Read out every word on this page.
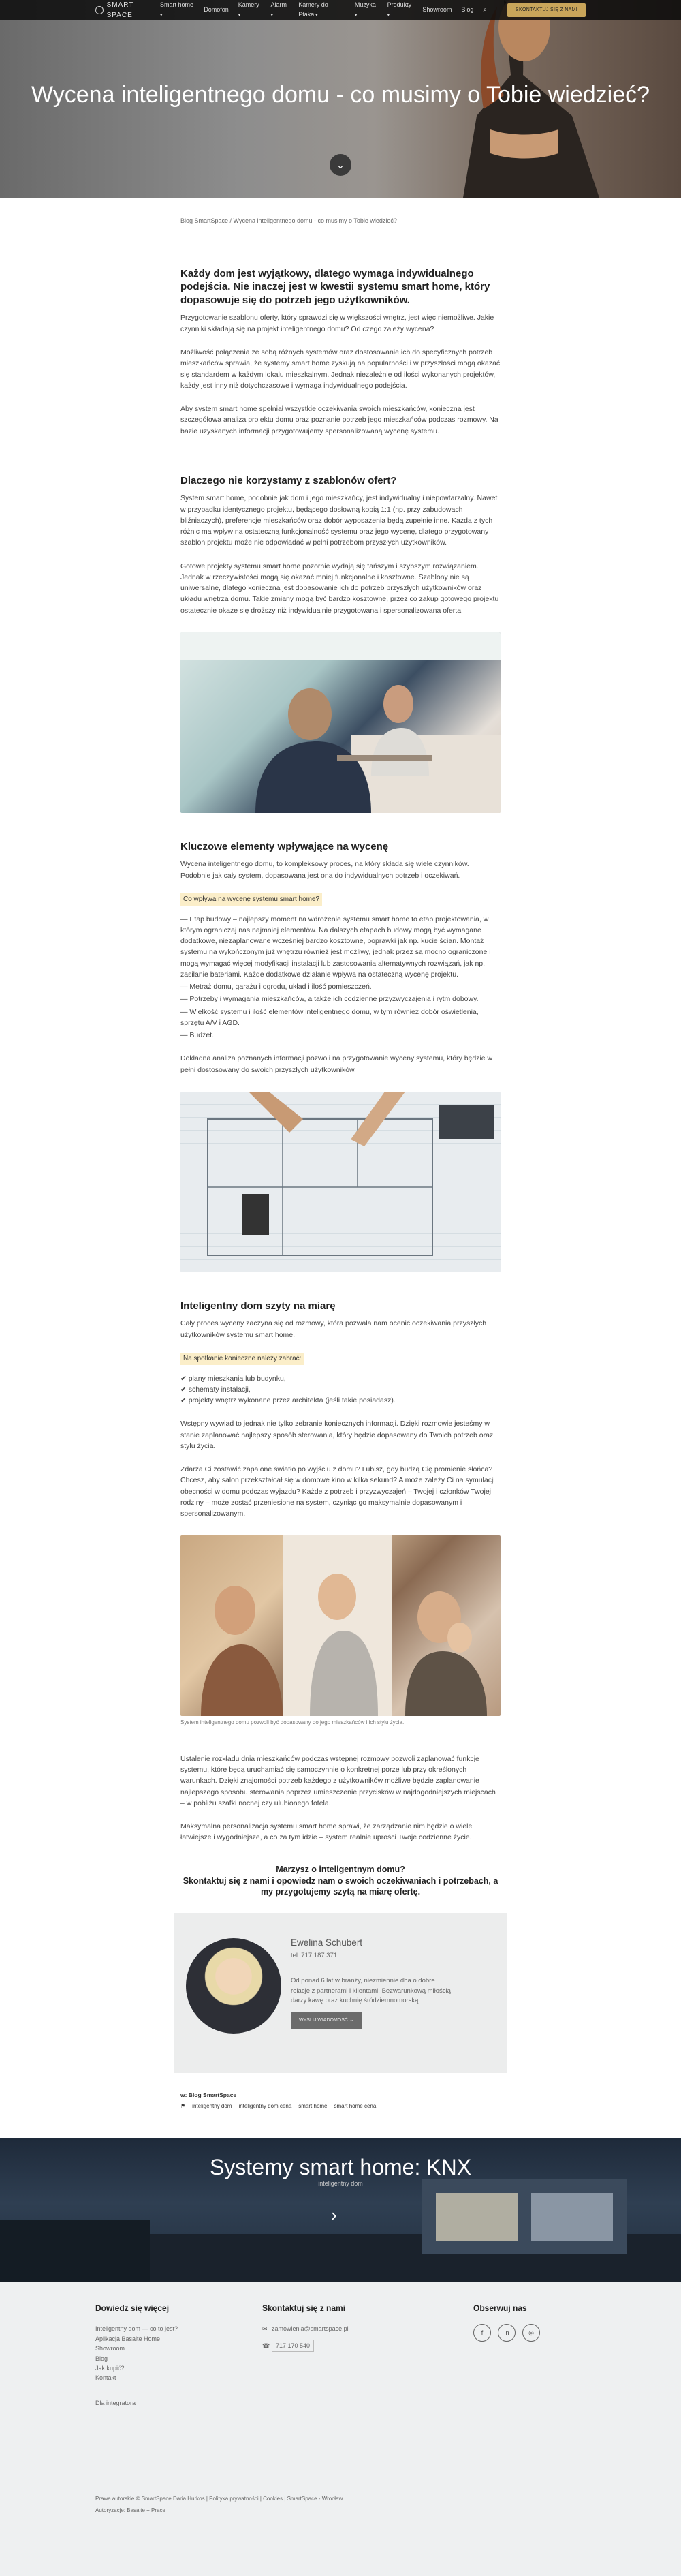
SMART SPACE
Smart home ▾
Domofon
Kamery ▾ Alarm ▾	Kamery do Ptaka ▾
Muzyka ▾ Produkty ▾
Showroom Blog ⌕	SKONTAKTUJ SIĘ Z NAMI
Wycena inteligentnego domu - co musimy o Tobie wiedzieć?
⌄
Blog SmartSpace / Wycena inteligentnego domu - co musimy o Tobie wiedzieć?
Każdy dom jest wyjątkowy, dlatego wymaga indywidualnego podejścia. Nie inaczej jest w kwestii systemu smart home, który dopasowuje się do potrzeb jego użytkowników.

Przygotowanie szablonu oferty, który sprawdzi się w większości wnętrz, jest więc niemożliwe. Jakie czynniki składają się na projekt inteligentnego domu? Od czego zależy wycena?

Możliwość połączenia ze sobą różnych systemów oraz dostosowanie ich do specyficznych potrzeb mieszkańców sprawia, że systemy smart home zyskują na popularności i w przyszłości mogą okazać się standardem w każdym lokalu mieszkalnym. Jednak niezależnie od ilości wykonanych projektów, każdy jest inny niż dotychczasowe i wymaga indywidualnego podejścia.

Aby system smart home spełniał wszystkie oczekiwania swoich mieszkańców, konieczna jest szczegółowa analiza projektu domu oraz poznanie potrzeb jego mieszkańców podczas rozmowy. Na bazie uzyskanych informacji przygotowujemy spersonalizowaną wycenę systemu.

Dlaczego nie korzystamy z szablonów ofert?

System smart home, podobnie jak dom i jego mieszkańcy, jest indywidualny i niepowtarzalny. Nawet w przypadku identycznego projektu, będącego dosłowną kopią 1:1 (np. przy zabudowach bliźniaczych), preferencje mieszkańców oraz dobór wyposażenia będą zupełnie inne. Każda z tych różnic ma wpływ na ostateczną funkcjonalność systemu oraz jego wycenę, dlatego przygotowany szablon projektu może nie odpowiadać w pełni potrzebom przyszłych użytkowników.

Gotowe projekty systemu smart home pozornie wydają się tańszym i szybszym rozwiązaniem. Jednak w rzeczywistości mogą się okazać mniej funkcjonalne i kosztowne. Szablony nie są uniwersalne, dlatego konieczna jest dopasowanie ich do potrzeb przyszłych użytkowników oraz układu wnętrza domu. Takie zmiany mogą być bardzo kosztowne, przez co zakup gotowego projektu ostatecznie okaże się droższy niż indywidualnie przygotowana i spersonalizowana oferta.

Kluczowe elementy wpływające na wycenę

Wycena inteligentnego domu, to kompleksowy proces, na który składa się wiele czynników. Podobnie jak cały system, dopasowana jest ona do indywidualnych potrzeb i oczekiwań.

Co wpływa na wycenę systemu smart home?

— Etap budowy – najlepszy moment na wdrożenie systemu smart home to etap projektowania, w którym ograniczaj nas najmniej elementów. Na dalszych etapach budowy mogą być wymagane dodatkowe, niezaplanowane wcześniej bardzo kosztowne, poprawki jak np. kucie ścian. Montaż systemu na wykończonym już wnętrzu również jest możliwy, jednak przez są mocno ograniczone i mogą wymagać więcej modyfikacji instalacji lub zastosowania alternatywnych rozwiązań, jak np. zasilanie bateriami. Każde dodatkowe działanie wpływa na ostateczną wycenę projektu.

— Metraż domu, garażu i ogrodu, układ i ilość pomieszczeń.

— Potrzeby i wymagania mieszkańców, a także ich codzienne przyzwyczajenia i rytm dobowy.

— Wielkość systemu i ilość elementów inteligentnego domu, w tym również dobór oświetlenia, sprzętu A/V i AGD.

— Budżet.

Dokładna analiza poznanych informacji pozwoli na przygotowanie wyceny systemu, który będzie w pełni dostosowany do swoich przyszłych użytkowników.

Inteligentny dom szyty na miarę

Cały proces wyceny zaczyna się od rozmowy, która pozwala nam ocenić oczekiwania przyszłych użytkowników systemu smart home.

Na spotkanie konieczne należy zabrać:

✔ plany mieszkania lub budynku,

✔ schematy instalacji,

✔ projekty wnętrz wykonane przez architekta (jeśli takie posiadasz).

Wstępny wywiad to jednak nie tylko zebranie koniecznych informacji. Dzięki rozmowie jesteśmy w stanie zaplanować najlepszy sposób sterowania, który będzie dopasowany do Twoich potrzeb oraz stylu życia.

Zdarza Ci zostawić zapalone światło po wyjściu z domu? Lubisz, gdy budzą Cię promienie słońca? Chcesz, aby salon przekształcał się w domowe kino w kilka sekund? A może zależy Ci na symulacji obecności w domu podczas wyjazdu? Każde z potrzeb i przyzwyczajeń – Twojej i członków Twojej rodziny – może zostać przeniesione na system, czyniąc go maksymalnie dopasowanym i spersonalizowanym.

System inteligentnego domu pozwoli być dopasowany do jego mieszkańców i ich stylu życia.

Ustalenie rozkładu dnia mieszkańców podczas wstępnej rozmowy pozwoli zaplanować funkcje systemu, które będą uruchamiać się samoczynnie o konkretnej porze lub przy określonych warunkach. Dzięki znajomości potrzeb każdego z użytkowników możliwe będzie zaplanowanie najlepszego sposobu sterowania poprzez umieszczenie przycisków w najdogodniejszych miejscach – w pobliżu szafki nocnej czy ulubionego fotela.

Maksymalna personalizacja systemu smart home sprawi, że zarządzanie nim będzie o wiele łatwiejsze i wygodniejsze, a co za tym idzie – system realnie uprości Twoje codzienne życie.

Marzysz o inteligentnym domu?
Skontaktuj się z nami i opowiedz nam o swoich oczekiwaniach i potrzebach, a my przygotujemy szytą na miarę ofertę.
Ewelina Schubert
tel. 717 187 371
Od ponad 6 lat w branży, niezmiennie dba o dobre relacje z partnerami i klientami. Bezwarunkową miłością darzy kawę oraz kuchnię śródziemnomorską.
WYŚLIJ WIADOMOŚĆ →
w: Blog SmartSpace
⚑ inteligentny dom inteligentny dom cena smart home smart home cena
Systemy smart home: KNX
inteligentny dom
›
Dowiedz się więcej
Inteligentny dom — co to jest?
Aplikacja Basalte Home
Showroom
Blog
Jak kupić?
Kontakt
Dla integratora
Skontaktuj się z nami
✉ zamowienia@smartspace.pl
☎ 717 170 540
Obserwuj nas
f	in	◎
Prawa autorskie © SmartSpace Daria Hurkos | Polityka prywatności | Cookies | SmartSpace - Wrocław
Autoryzacje: Basalte + Prace
